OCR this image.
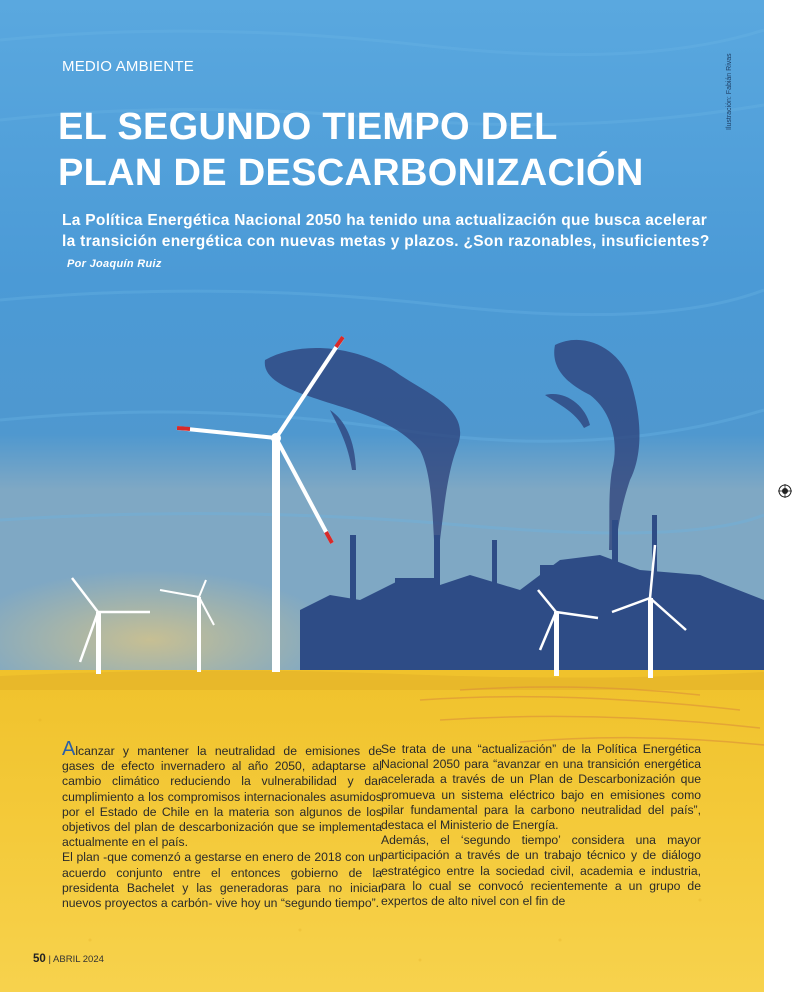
MEDIO AMBIENTE
EL SEGUNDO TIEMPO DEL
PLAN DE DESCARBONIZACIÓN

La Política Energética Nacional 2050 ha tenido una actualización que busca acelerar la transición energética con nuevas metas y plazos. ¿Son razonables, insuficientes?Por Joaquín Ruiz

Ilustración: Fabián Rivas

Alcanzar y mantener la neutralidad de emisiones de gases de efecto invernadero al año 2050, adaptarse al cambio climático reduciendo la vulnerabilidad y dar cumplimiento a los compromisos internacionales asumidos por el Estado de Chile en la materia son algunos de los objetivos del plan de descarbonización que se implementa actualmente en el país.

El plan -que comenzó a gestarse en enero de 2018 con un acuerdo conjunto entre el entonces gobierno de la presidenta Bachelet y las generadoras para no iniciar nuevos proyectos a carbón- vive hoy un “segundo tiempo”.

Se trata de una “actualización” de la Política Energética Nacional 2050 para “avanzar en una transición energética acelerada a través de un Plan de Descarbonización que promueva un sistema eléctrico bajo en emisiones como pilar fundamental para la carbono neutralidad del país”, destaca el Ministerio de Energía.

Además, el ‘segundo tiempo’ considera una mayor participación a través de un trabajo técnico y de diálogo estratégico entre la sociedad civil, academia e industria, para lo cual se convocó recientemente a un grupo de expertos de alto nivel con el fin de

50 | ABRIL 2024
